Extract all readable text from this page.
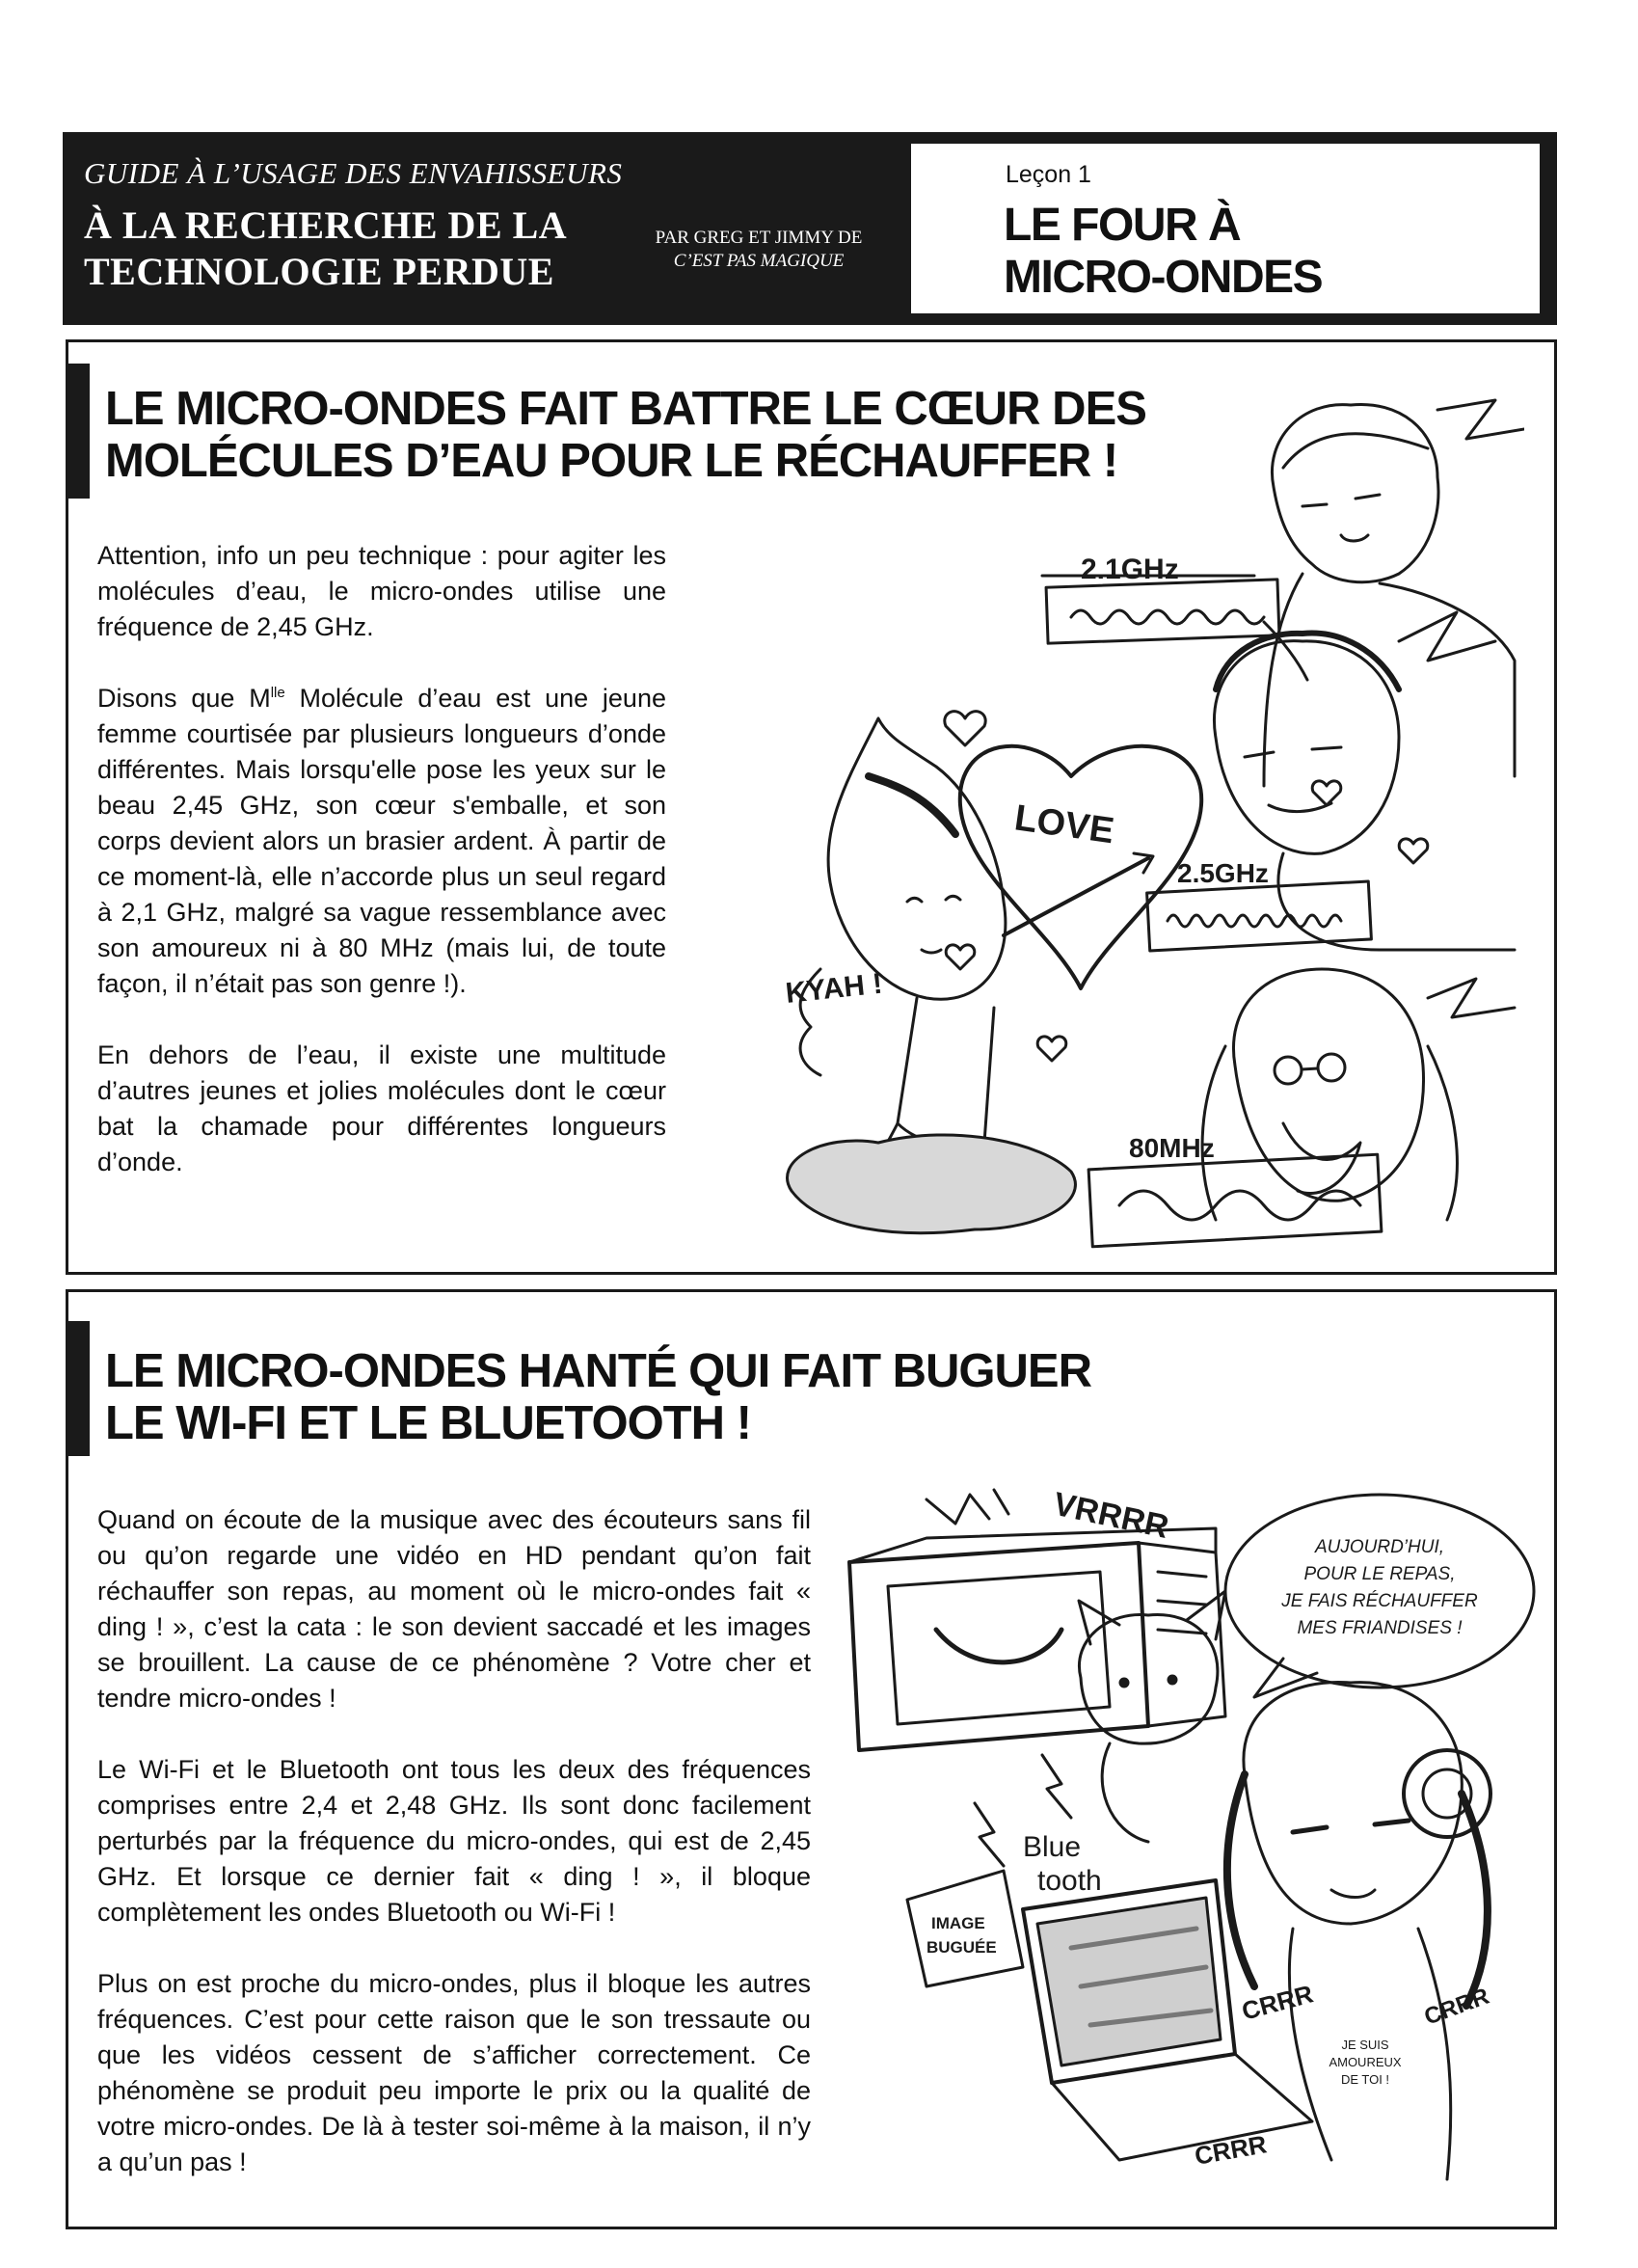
GUIDE À L’USAGE DES ENVAHISSEURS
À LA RECHERCHE DE LA
TECHNOLOGIE PERDUE
PAR GREG ET JIMMY DE
C’EST PAS MAGIQUE
Leçon 1
LE FOUR À
MICRO-ONDES
LE MICRO-ONDES FAIT BATTRE LE CŒUR DES
MOLÉCULES D’EAU POUR LE RÉCHAUFFER !

Attention, info un peu technique : pour agiter les molécules d’eau, le micro-ondes utilise une fréquence de 2,45 GHz.

Disons que $M^{lle}$ Molécule d’eau est une jeune femme courtisée par plusieurs longueurs d’onde différentes. Mais lorsqu'elle pose les yeux sur le beau 2,45 GHz, son cœur s'emballe, et son corps devient alors un brasier ardent. À partir de ce moment-là, elle n’accorde plus un seul regard à 2,1 GHz, malgré sa vague ressemblance avec son amoureux ni à 80 MHz (mais lui, de toute façon, il n’était pas son genre !).

En dehors de l’eau, il existe une multitude d’autres jeunes et jolies molécules dont le cœur bat la chamade pour différentes longueurs d’onde.

2.1GHz
2.5GHz
80MHz
LOVE
KYAH !
LE MICRO-ONDES HANTÉ QUI FAIT BUGUER
LE WI-FI ET LE BLUETOOTH !

Quand on écoute de la musique avec des écouteurs sans fil ou qu’on regarde une vidéo en HD pendant qu’on fait réchauffer son repas, au moment où le micro-ondes fait « ding ! », c’est la cata : le son devient saccadé et les images se brouillent. La cause de ce phénomène ? Votre cher et tendre micro-ondes !

Le Wi-Fi et le Bluetooth ont tous les deux des fréquences comprises entre 2,4 et 2,48 GHz. Ils sont donc facilement perturbés par la fréquence du micro-ondes, qui est de 2,45 GHz. Et lorsque ce dernier fait « ding ! », il bloque complètement les ondes Bluetooth ou Wi-Fi !

Plus on est proche du micro-ondes, plus il bloque les autres fréquences. C’est pour cette raison que le son tressaute ou que les vidéos cessent de s’afficher correctement. Ce phénomène se produit peu importe le prix ou la qualité de votre micro-ondes. De là à tester soi-même à la maison, il n’y a qu’un pas !

VRRRR
AUJOURD’HUI,
POUR LE REPAS,
JE FAIS RÉCHAUFFER
MES FRIANDISES !
Blue
tooth
IMAGE
BUGUÉE
CRRR
CRRR
CRRR
JE SUIS
AMOUREUX
DE TOI !
